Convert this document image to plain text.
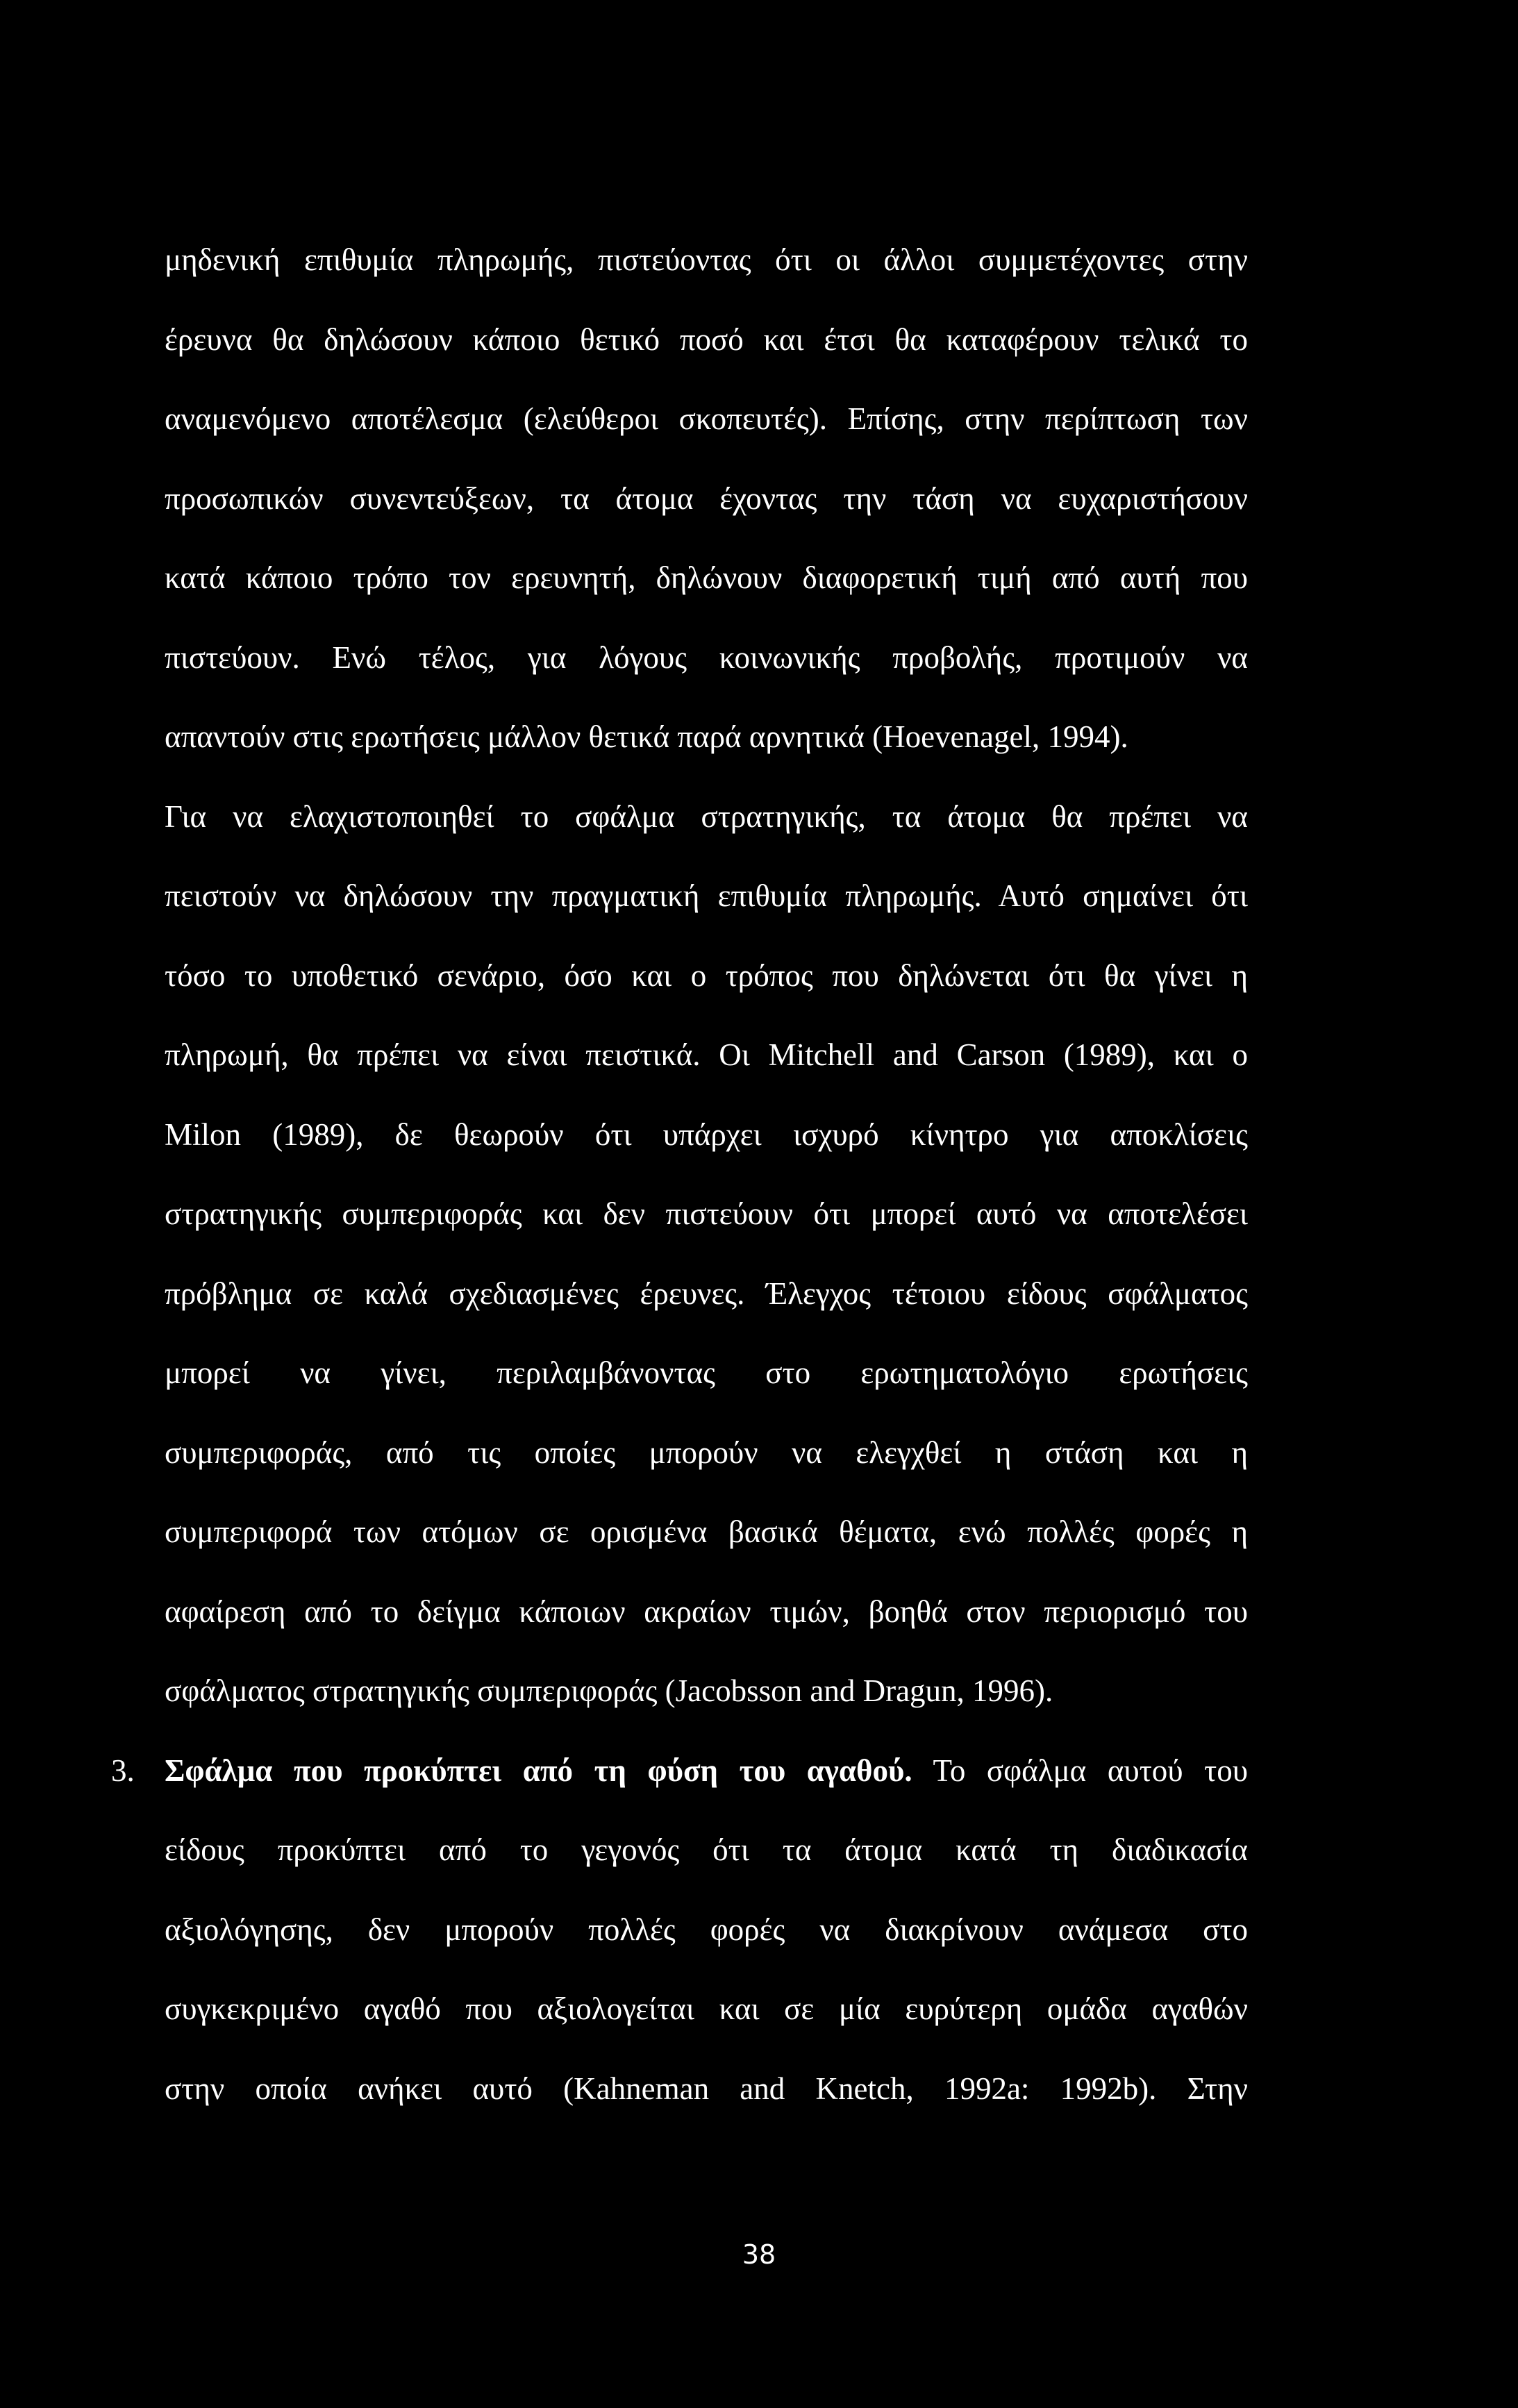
μηδενική επιθυμία πληρωμής, πιστεύοντας ότι οι άλλοι συμμετέχοντες στην
έρευνα θα δηλώσουν κάποιο θετικό ποσό και έτσι θα καταφέρουν τελικά το
αναμενόμενο αποτέλεσμα (ελεύθεροι σκοπευτές). Επίσης, στην περίπτωση των
προσωπικών συνεντεύξεων, τα άτομα έχοντας την τάση να ευχαριστήσουν
κατά κάποιο τρόπο τον ερευνητή, δηλώνουν διαφορετική τιμή από αυτή που
πιστεύουν. Ενώ τέλος, για λόγους κοινωνικής προβολής, προτιμούν να
απαντούν στις ερωτήσεις μάλλον θετικά παρά αρνητικά (Hoevenagel, 1994).
Για να ελαχιστοποιηθεί το σφάλμα στρατηγικής, τα άτομα θα πρέπει να
πειστούν να δηλώσουν την πραγματική επιθυμία πληρωμής. Αυτό σημαίνει ότι
τόσο το υποθετικό σενάριο, όσο και ο τρόπος που δηλώνεται ότι θα γίνει η
πληρωμή, θα πρέπει να είναι πειστικά. Οι Mitchell and Carson (1989), και ο
Milon (1989), δε θεωρούν ότι υπάρχει ισχυρό κίνητρο για αποκλίσεις
στρατηγικής συμπεριφοράς και δεν πιστεύουν ότι μπορεί αυτό να αποτελέσει
πρόβλημα σε καλά σχεδιασμένες έρευνες. Έλεγχος τέτοιου είδους σφάλματος
μπορεί να γίνει, περιλαμβάνοντας στο ερωτηματολόγιο ερωτήσεις
συμπεριφοράς, από τις οποίες μπορούν να ελεγχθεί η στάση και η
συμπεριφορά των ατόμων σε ορισμένα βασικά θέματα, ενώ πολλές φορές η
αφαίρεση από το δείγμα κάποιων ακραίων τιμών, βοηθά στον περιορισμό του
σφάλματος στρατηγικής συμπεριφοράς (Jacobsson and Dragun, 1996).
3. Σφάλμα που προκύπτει από τη φύση του αγαθού. Το σφάλμα αυτού του
είδους προκύπτει από το γεγονός ότι τα άτομα κατά τη διαδικασία
αξιολόγησης, δεν μπορούν πολλές φορές να διακρίνουν ανάμεσα στο
συγκεκριμένο αγαθό που αξιολογείται και σε μία ευρύτερη ομάδα αγαθών
στην οποία ανήκει αυτό (Kahneman and Knetch, 1992a: 1992b). Στην
38
